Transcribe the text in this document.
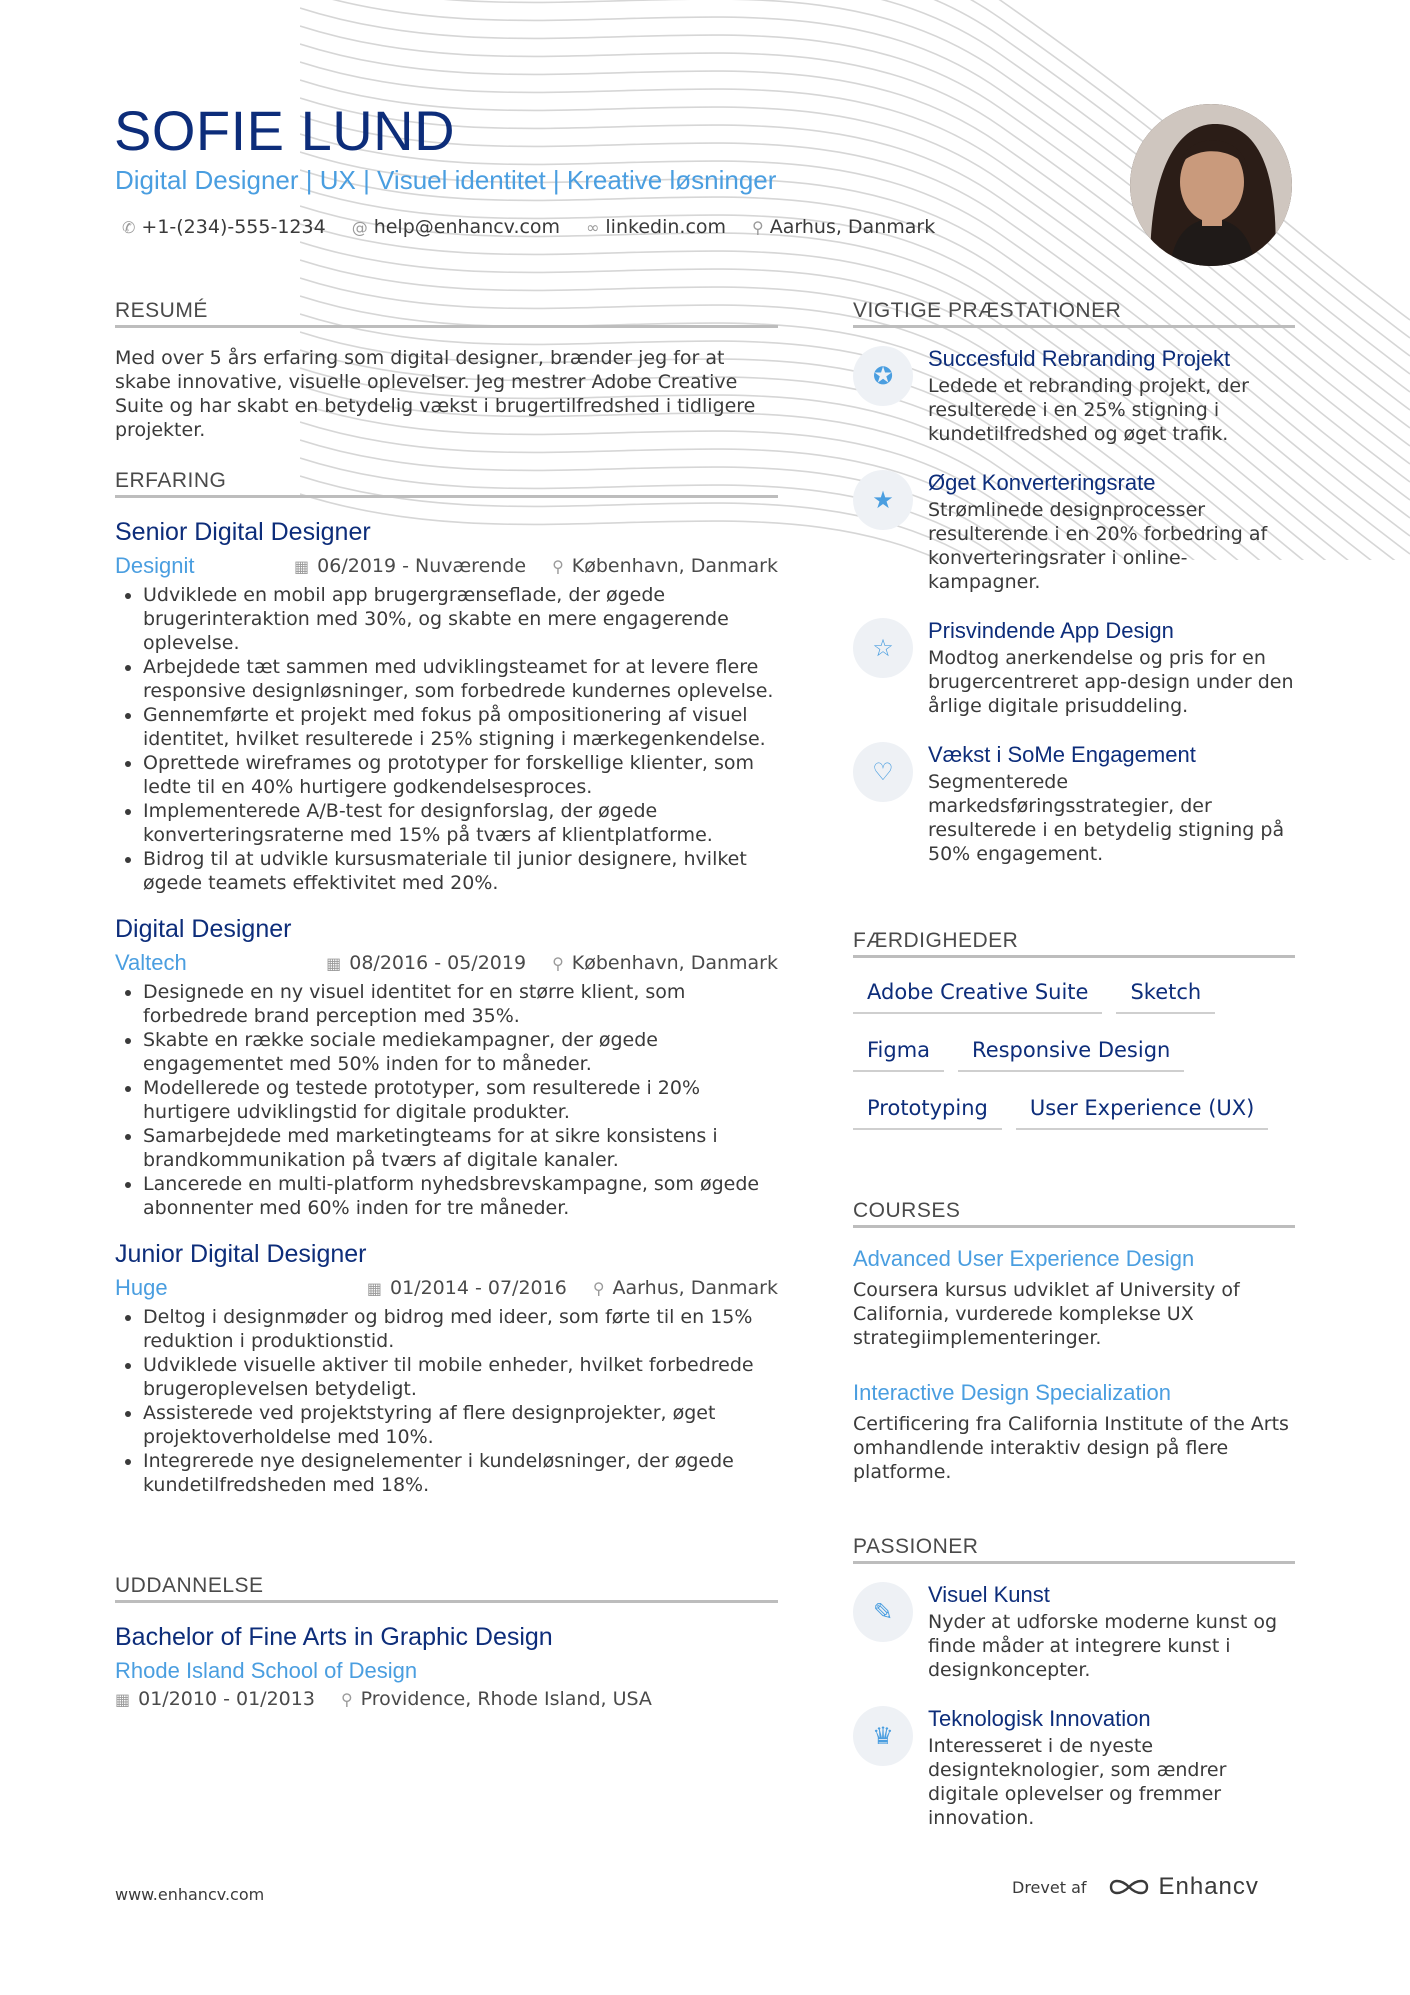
SOFIE LUND
Digital Designer | UX | Visuel identitet | Kreative løsninger
✆ +1-(234)-555-1234 @ help@enhancv.com ∞ linkedin.com ⚲ Aarhus, Danmark
RESUMÉ
Med over 5 års erfaring som digital designer, brænder jeg for at skabe innovative, visuelle oplevelser. Jeg mestrer Adobe Creative Suite og har skabt en betydelig vækst i brugertilfredshed i tidligere projekter.
ERFARING
Senior Digital Designer
Designit	▦ 06/2019 - Nuværende ⚲ København, Danmark
• Udviklede en mobil app brugergrænseflade, der øgede brugerinteraktion med 30%, og skabte en mere engagerende oplevelse.
• Arbejdede tæt sammen med udviklingsteamet for at levere flere responsive designløsninger, som forbedrede kundernes oplevelse.
• Gennemførte et projekt med fokus på ompositionering af visuel identitet, hvilket resulterede i 25% stigning i mærkegenkendelse.
• Oprettede wireframes og prototyper for forskellige klienter, som ledte til en 40% hurtigere godkendelsesproces.
• Implementerede A/B-test for designforslag, der øgede konverteringsraterne med 15% på tværs af klientplatforme.
• Bidrog til at udvikle kursusmateriale til junior designere, hvilket øgede teamets effektivitet med 20%.
Digital Designer
Valtech	▦ 08/2016 - 05/2019 ⚲ København, Danmark
• Designede en ny visuel identitet for en større klient, som forbedrede brand perception med 35%.
• Skabte en række sociale mediekampagner, der øgede engagementet med 50% inden for to måneder.
• Modellerede og testede prototyper, som resulterede i 20% hurtigere udviklingstid for digitale produkter.
• Samarbejdede med marketingteams for at sikre konsistens i brandkommunikation på tværs af digitale kanaler.
• Lancerede en multi-platform nyhedsbrevskampagne, som øgede abonnenter med 60% inden for tre måneder.
Junior Digital Designer
Huge	▦ 01/2014 - 07/2016 ⚲ Aarhus, Danmark
• Deltog i designmøder og bidrog med ideer, som førte til en 15% reduktion i produktionstid.
• Udviklede visuelle aktiver til mobile enheder, hvilket forbedrede brugeroplevelsen betydeligt.
• Assisterede ved projektstyring af flere designprojekter, øget projektoverholdelse med 10%.
• Integrerede nye designelementer i kundeløsninger, der øgede kundetilfredsheden med 18%.
UDDANNELSE
Bachelor of Fine Arts in Graphic Design
Rhode Island School of Design
▦ 01/2010 - 01/2013 ⚲ Providence, Rhode Island, USA
VIGTIGE PRÆSTATIONER
✪
Succesfuld Rebranding Projekt
Ledede et rebranding projekt, der resulterede i en 25% stigning i kundetilfredshed og øget trafik.
★
Øget Konverteringsrate
Strømlinede designprocesser resulterende i en 20% forbedring af konverteringsrater i online-kampagner.
☆
Prisvindende App Design
Modtog anerkendelse og pris for en brugercentreret app-design under den årlige digitale prisuddeling.
♡
Vækst i SoMe Engagement
Segmenterede markedsføringsstrategier, der resulterede i en betydelig stigning på 50% engagement.
FÆRDIGHEDER
Adobe Creative Suite	Sketch
Figma	Responsive Design
Prototyping	User Experience (UX)
COURSES
Advanced User Experience Design
Coursera kursus udviklet af University of California, vurderede komplekse UX strategiimplementeringer.
Interactive Design Specialization
Certificering fra California Institute of the Arts omhandlende interaktiv design på flere platforme.
PASSIONER
✎
Visuel Kunst
Nyder at udforske moderne kunst og finde måder at integrere kunst i designkoncepter.
♛
Teknologisk Innovation
Interesseret i de nyeste designteknologier, som ændrer digitale oplevelser og fremmer innovation.
www.enhancv.com	Drevet af	Enhancv
